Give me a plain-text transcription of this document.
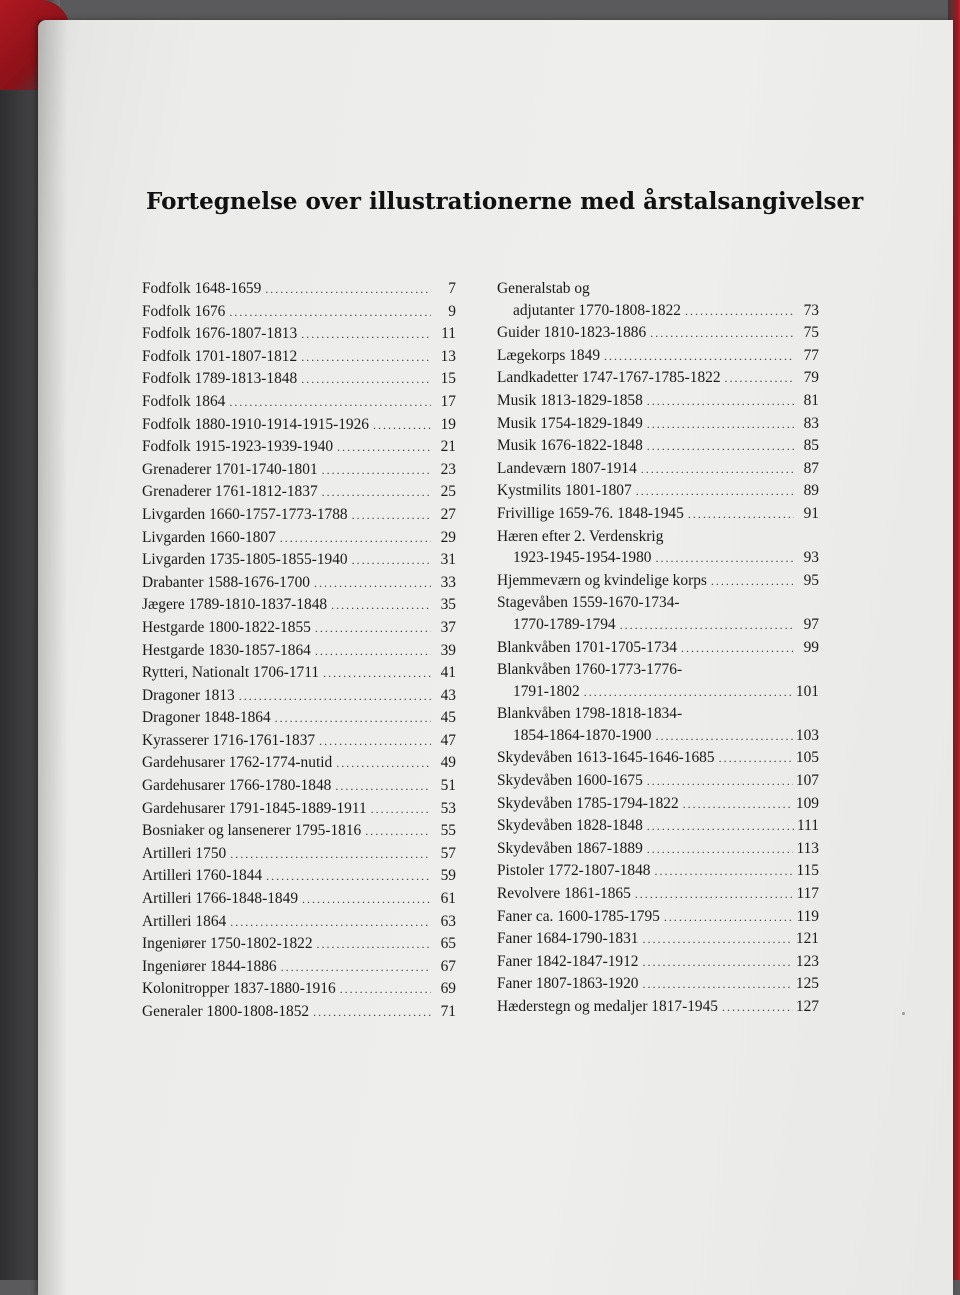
Fortegnelse over illustrationerne med årstalsangivelser
Fodfolk 1648-1659 .....	7
Fodfolk 1676 .....	9
Fodfolk 1676-1807-1813 .....	11
Fodfolk 1701-1807-1812 .....	13
Fodfolk 1789-1813-1848 .....	15
Fodfolk 1864 .....	17
Fodfolk 1880-1910-1914-1915-1926 .....	19
Fodfolk 1915-1923-1939-1940 .....	21
Grenaderer 1701-1740-1801 .....	23
Grenaderer 1761-1812-1837 .....	25
Livgarden 1660-1757-1773-1788 .....	27
Livgarden 1660-1807 .....	29
Livgarden 1735-1805-1855-1940 .....	31
Drabanter 1588-1676-1700 .....	33
Jægere 1789-1810-1837-1848 .....	35
Hestgarde 1800-1822-1855 .....	37
Hestgarde 1830-1857-1864 .....	39
Rytteri, Nationalt 1706-1711 .....	41
Dragoner 1813 .....	43
Dragoner 1848-1864 .....	45
Kyrasserer 1716-1761-1837 .....	47
Gardehusarer 1762-1774-nutid .....	49
Gardehusarer 1766-1780-1848 .....	51
Gardehusarer 1791-1845-1889-1911 .....	53
Bosniaker og lansenerer 1795-1816 .....	55
Artilleri 1750 .....	57
Artilleri 1760-1844 .....	59
Artilleri 1766-1848-1849 .....	61
Artilleri 1864 .....	63
Ingeniører 1750-1802-1822 .....	65
Ingeniører 1844-1886 .....	67
Kolonitropper 1837-1880-1916 .....	69
Generaler 1800-1808-1852 .....	71
Generalstab og
adjutanter 1770-1808-1822 .....	73
Guider 1810-1823-1886 .....	75
Lægekorps 1849 .....	77
Landkadetter 1747-1767-1785-1822 .....	79
Musik 1813-1829-1858 .....	81
Musik 1754-1829-1849 .....	83
Musik 1676-1822-1848 .....	85
Landeværn 1807-1914 .....	87
Kystmilits 1801-1807 .....	89
Frivillige 1659-76. 1848-1945 .....	91
Hæren efter 2. Verdenskrig
1923-1945-1954-1980 .....	93
Hjemmeværn og kvindelige korps .....	95
Stagevåben 1559-1670-1734-
1770-1789-1794 .....	97
Blankvåben 1701-1705-1734 .....	99
Blankvåben 1760-1773-1776-
1791-1802 .....	101
Blankvåben 1798-1818-1834-
1854-1864-1870-1900 .....	103
Skydevåben 1613-1645-1646-1685 .....	105
Skydevåben 1600-1675 .....	107
Skydevåben 1785-1794-1822 .....	109
Skydevåben 1828-1848 .....	111
Skydevåben 1867-1889 .....	113
Pistoler 1772-1807-1848 .....	115
Revolvere 1861-1865 .....	117
Faner ca. 1600-1785-1795 .....	119
Faner 1684-1790-1831 .....	121
Faner 1842-1847-1912 .....	123
Faner 1807-1863-1920 .....	125
Hæderstegn og medaljer 1817-1945 .....	127
